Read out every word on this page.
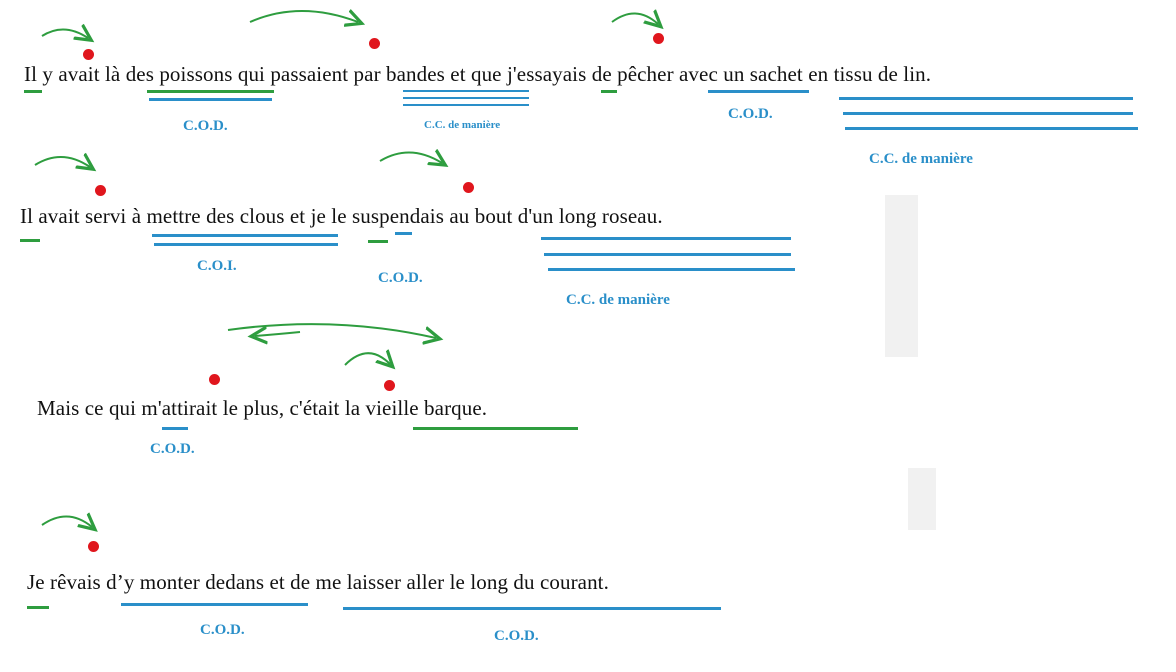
Il y avait là des poissons qui passaient par bandes et que j'essayais de pêcher avec un sachet en tissu de lin.
Il avait servi à mettre des clous et je le suspendais au bout d'un long roseau.
Mais ce qui m'attirait le plus, c'était la vieille barque.
Je rêvais d’y monter dedans et de me laisser aller le long du courant.
C.O.D.	C.C. de manière
C.O.D.
C.C. de manière
C.O.I.
C.O.D.
C.C. de manière
C.O.D.
C.O.D.	C.O.D.
